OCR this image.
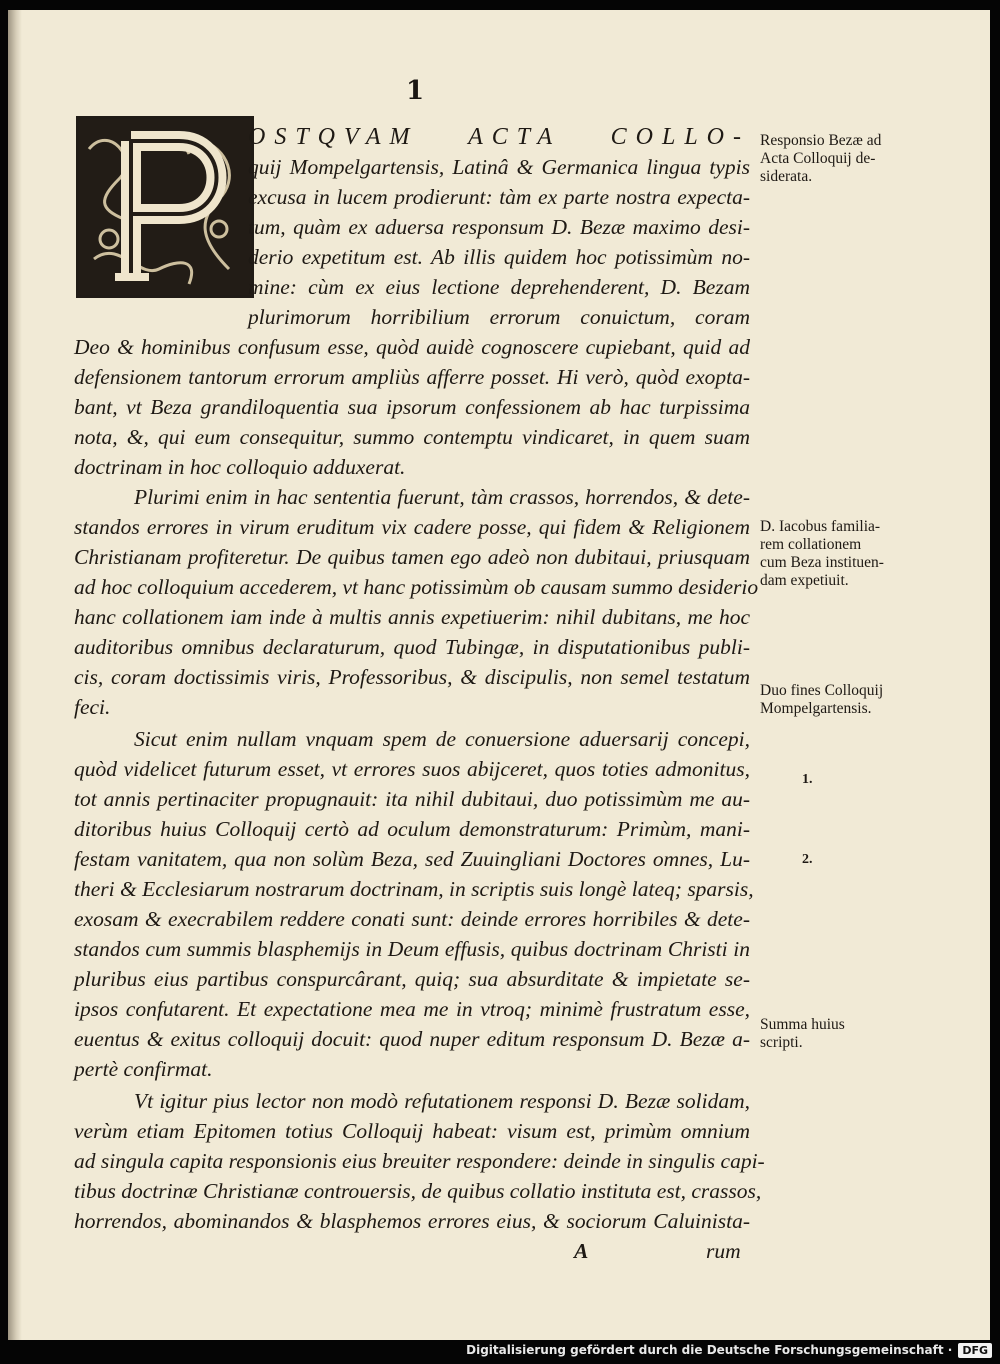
1
OSTQVAM ACTA COLLO-
quij Mompelgartensis, Latinâ & Germanica lingua typis
excusa in lucem prodierunt: tàm ex parte nostra expecta-
tum, quàm ex aduersa responsum D. Bezæ maximo desi-
derio expetitum est. Ab illis quidem hoc potissimùm no-
mine: cùm ex eius lectione deprehenderent, D. Bezam
plurimorum horribilium errorum conuictum, coram
Deo & hominibus confusum esse, quòd auidè cognoscere cupiebant, quid ad
defensionem tantorum errorum ampliùs afferre posset. Hi verò, quòd exopta-
bant, vt Beza grandiloquentia sua ipsorum confessionem ab hac turpissima
nota, &, qui eum consequitur, summo contemptu vindicaret, in quem suam
doctrinam in hoc colloquio adduxerat.
Plurimi enim in hac sententia fuerunt, tàm crassos, horrendos, & dete-
standos errores in virum eruditum vix cadere posse, qui fidem & Religionem
Christianam profiteretur. De quibus tamen ego adeò non dubitaui, priusquam
ad hoc colloquium accederem, vt hanc potissimùm ob causam summo desiderio
hanc collationem iam inde à multis annis expetiuerim: nihil dubitans, me hoc
auditoribus omnibus declaraturum, quod Tubingæ, in disputationibus publi-
cis, coram doctissimis viris, Professoribus, & discipulis, non semel testatum
feci.
Sicut enim nullam vnquam spem de conuersione aduersarij concepi,
quòd videlicet futurum esset, vt errores suos abijceret, quos toties admonitus,
tot annis pertinaciter propugnauit: ita nihil dubitaui, duo potissimùm me au-
ditoribus huius Colloquij certò ad oculum demonstraturum: Primùm, mani-
festam vanitatem, qua non solùm Beza, sed Zuuingliani Doctores omnes, Lu-
theri & Ecclesiarum nostrarum doctrinam, in scriptis suis longè lateq; sparsis,
exosam & execrabilem reddere conati sunt: deinde errores horribiles & dete-
standos cum summis blasphemijs in Deum effusis, quibus doctrinam Christi in
pluribus eius partibus conspurcârant, quiq; sua absurditate & impietate se-
ipsos confutarent. Et expectatione mea me in vtroq; minimè frustratum esse,
euentus & exitus colloquij docuit: quod nuper editum responsum D. Bezæ a-
pertè confirmat.
Vt igitur pius lector non modò refutationem responsi D. Bezæ solidam,
verùm etiam Epitomen totius Colloquij habeat: visum est, primùm omnium
ad singula capita responsionis eius breuiter respondere: deinde in singulis capi-
tibus doctrinæ Christianæ controuersis, de quibus collatio instituta est, crassos,
horrendos, abominandos & blasphemos errores eius, & sociorum Caluinista-
A	rum
Responsio Bezæ ad
Acta Colloquij de-
siderata.
D. Iacobus familia-
rem collationem
cum Beza instituen-
dam expetiuit.
Duo fines Colloquij
Mompelgartensis.
1.
2.
Summa huius
scripti.
Digitalisierung gefördert durch die Deutsche Forschungsgemeinschaft · DFG
